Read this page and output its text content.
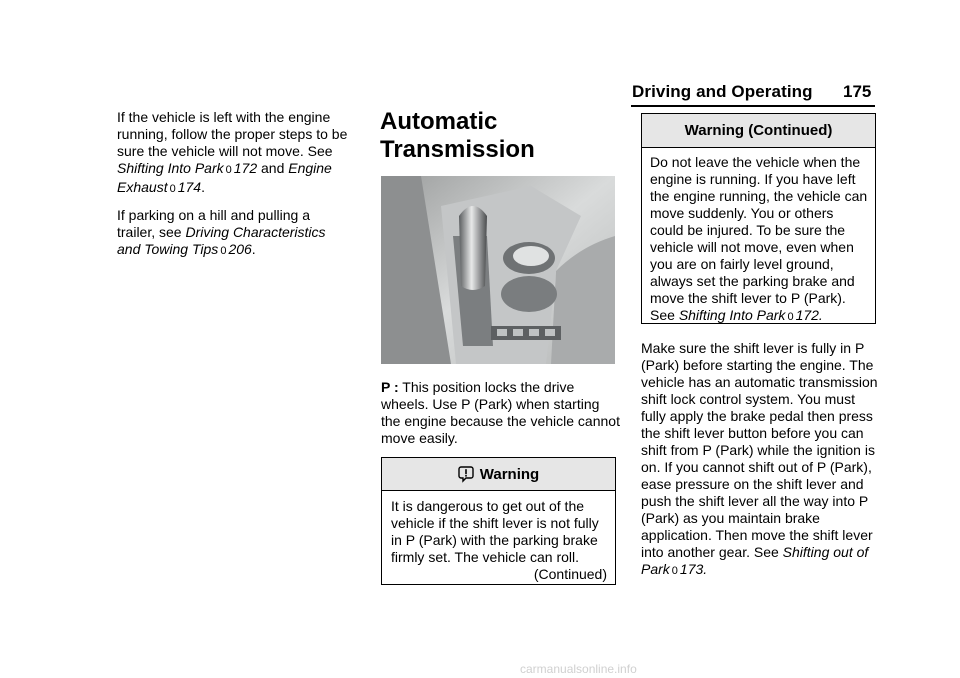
Driving and Operating 175

If the vehicle is left with the engine running, follow the proper steps to be sure the vehicle will not move. See Shifting Into Park 0 172 and Engine Exhaust 0 174.

If parking on a hill and pulling a trailer, see Driving Characteristics and Towing Tips 0 206.

Automatic
Transmission
P : This position locks the drive wheels. Use P (Park) when starting the engine because the vehicle cannot move easily.
Warning
It is dangerous to get out of the vehicle if the shift lever is not fully in P (Park) with the parking brake firmly set. The vehicle can roll.
(Continued)
Warning (Continued)
Do not leave the vehicle when the engine is running. If you have left the engine running, the vehicle can move suddenly. You or others could be injured. To be sure the vehicle will not move, even when you are on fairly level ground, always set the parking brake and move the shift lever to P (Park). See Shifting Into Park 0 172.
Make sure the shift lever is fully in P (Park) before starting the engine. The vehicle has an automatic transmission shift lock control system. You must fully apply the brake pedal then press the shift lever button before you can shift from P (Park) while the ignition is on. If you cannot shift out of P (Park), ease pressure on the shift lever and push the shift lever all the way into P (Park) as you maintain brake application. Then move the shift lever into another gear. See Shifting out of Park 0 173.
carmanualsonline.info
